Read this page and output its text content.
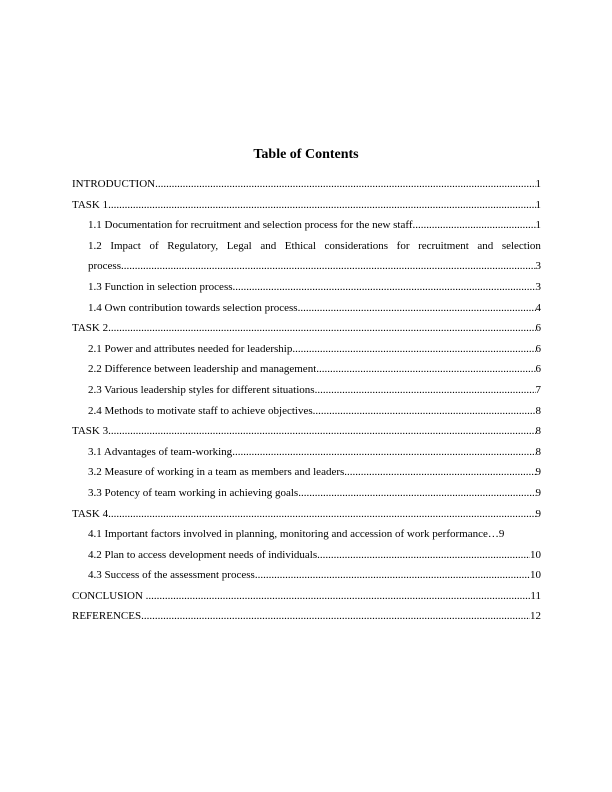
Table of Contents
INTRODUCTION .....	1
TASK 1 .....	1
1.1 Documentation for recruitment and selection process for the new staff .....	1
1.2 Impact of Regulatory, Legal and Ethical considerations for recruitment and selection
process .....	3
1.3 Function in selection process .....	3
1.4 Own contribution towards selection process .....	4
TASK 2 .....	6
2.1 Power and attributes needed for leadership .....	6
2.2 Difference between leadership and management .....	6
2.3 Various leadership styles for different situations .....	7
2.4 Methods to motivate staff to achieve objectives .....	8
TASK 3 .....	8
3.1 Advantages of team-working .....	8
3.2 Measure of working in a team as members and leaders .....	9
3.3 Potency of team working in achieving goals .....	9
TASK 4 .....	9
4.1 Important factors involved in planning, monitoring and accession of work performance… 9
4.2 Plan to access development needs of individuals .....	10
4.3 Success of the assessment process .....	10
CONCLUSION .....	11
REFERENCES .....	12
